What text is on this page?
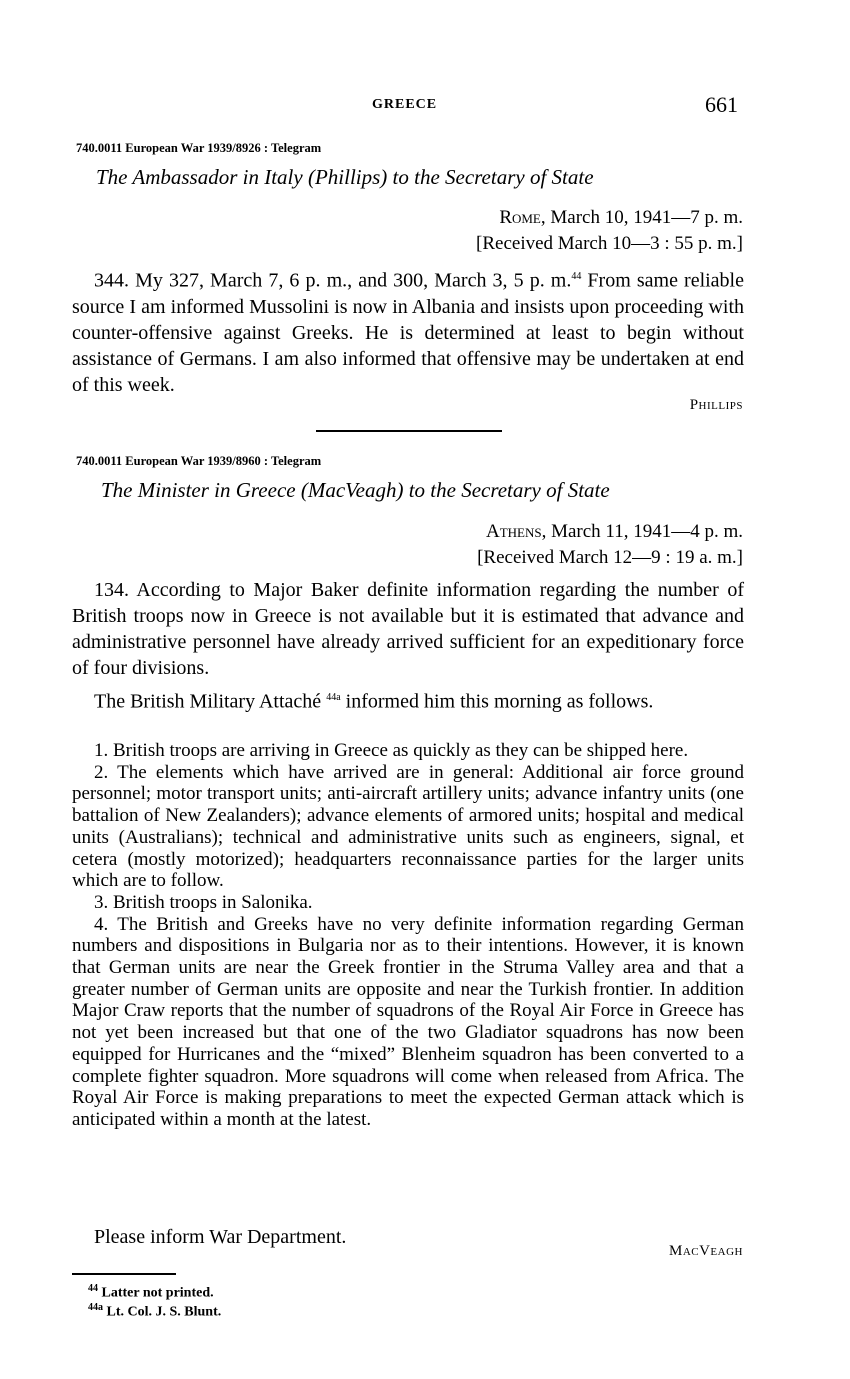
GREECE	661
740.0011 European War 1939/8926 : Telegram
The Ambassador in Italy (Phillips) to the Secretary of State
Rome, March 10, 1941—7 p. m.
[Received March 10—3 : 55 p. m.]
344. My 327, March 7, 6 p. m., and 300, March 3, 5 p. m.$^{44}$ From same reliable source I am informed Mussolini is now in Albania and insists upon proceeding with counter-offensive against Greeks. He is determined at least to begin without assistance of Germans. I am also informed that offensive may be undertaken at end of this week.
Phillips
740.0011 European War 1939/8960 : Telegram
The Minister in Greece (MacVeagh) to the Secretary of State
Athens, March 11, 1941—4 p. m.
[Received March 12—9 : 19 a. m.]
134. According to Major Baker definite information regarding the number of British troops now in Greece is not available but it is estimated that advance and administrative personnel have already arrived sufficient for an expeditionary force of four divisions.
The British Military Attaché $^{44a}$ informed him this morning as follows.
1. British troops are arriving in Greece as quickly as they can be shipped here.
2. The elements which have arrived are in general: Additional air force ground personnel; motor transport units; anti-aircraft artillery units; advance infantry units (one battalion of New Zealanders); advance elements of armored units; hospital and medical units (Australians); technical and administrative units such as engineers, signal, et cetera (mostly motorized); headquarters reconnaissance parties for the larger units which are to follow.
3. British troops in Salonika.
4. The British and Greeks have no very definite information regarding German numbers and dispositions in Bulgaria nor as to their intentions. However, it is known that German units are near the Greek frontier in the Struma Valley area and that a greater number of German units are opposite and near the Turkish frontier. In addition Major Craw reports that the number of squadrons of the Royal Air Force in Greece has not yet been increased but that one of the two Gladiator squadrons has now been equipped for Hurricanes and the “mixed” Blenheim squadron has been converted to a complete fighter squadron. More squadrons will come when released from Africa. The Royal Air Force is making preparations to meet the expected German attack which is anticipated within a month at the latest.
Please inform War Department.
MacVeagh
$^{44}$ Latter not printed.
$^{44a}$ Lt. Col. J. S. Blunt.
